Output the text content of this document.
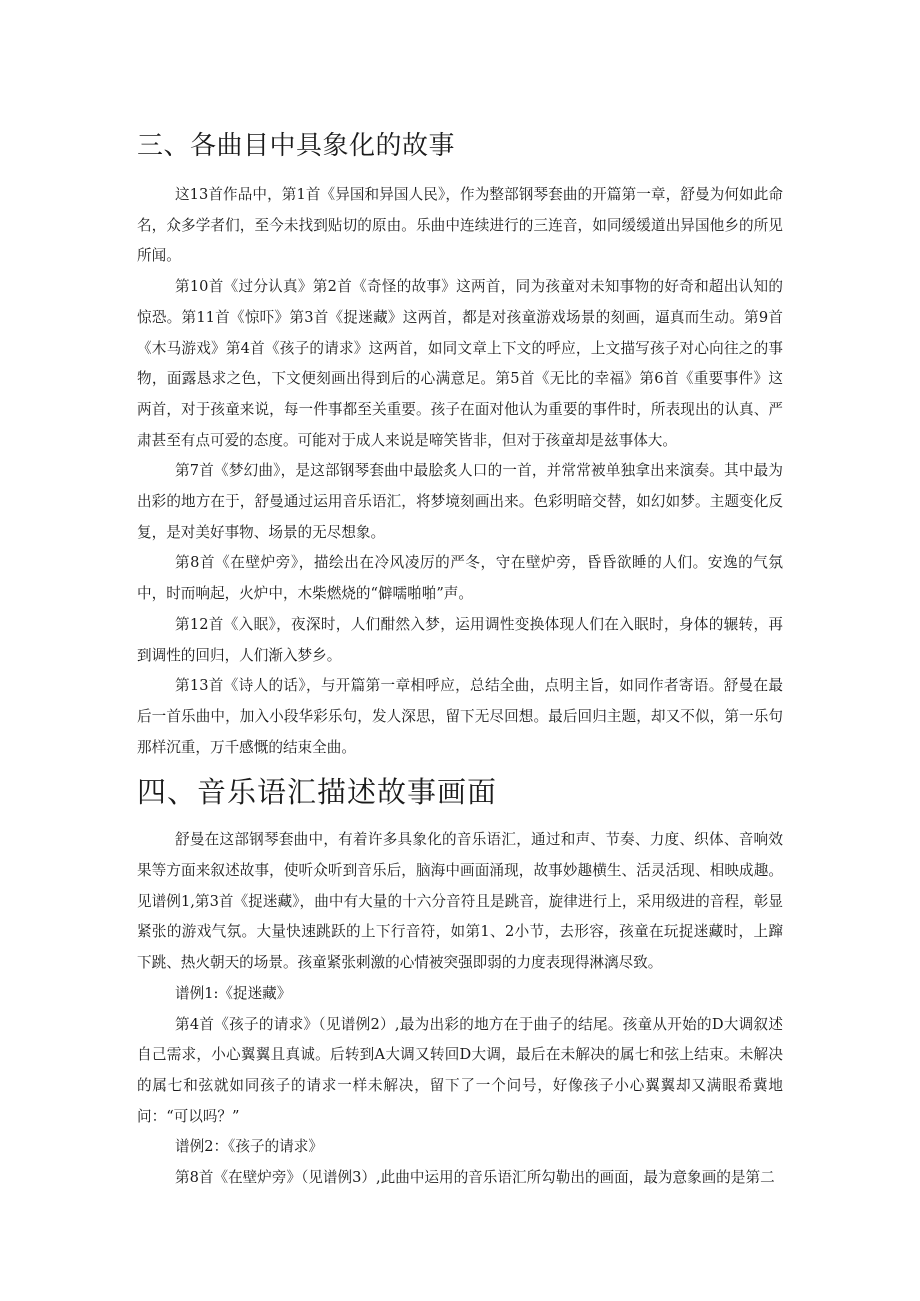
三、各曲目中具象化的故事

这13首作品中，第1首《异国和异国人民》，作为整部钢琴套曲的开篇第一章，舒曼为何如此命名，众多学者们，至今未找到贴切的原由。乐曲中连续进行的三连音，如同缓缓道出异国他乡的所见所闻。

第10首《过分认真》第2首《奇怪的故事》这两首，同为孩童对未知事物的好奇和超出认知的惊恐。第11首《惊吓》第3首《捉迷藏》这两首，都是对孩童游戏场景的刻画，逼真而生动。第9首《木马游戏》第4首《孩子的请求》这两首，如同文章上下文的呼应，上文描写孩子对心向往之的事物，面露恳求之色，下文便刻画出得到后的心满意足。第5首《无比的幸福》第6首《重要事件》这两首，对于孩童来说，每一件事都至关重要。孩子在面对他认为重要的事件时，所表现出的认真、严肃甚至有点可爱的态度。可能对于成人来说是啼笑皆非，但对于孩童却是兹事体大。

第7首《梦幻曲》，是这部钢琴套曲中最脍炙人口的一首，并常常被单独拿出来演奏。其中最为出彩的地方在于，舒曼通过运用音乐语汇，将梦境刻画出来。色彩明暗交替，如幻如梦。主题变化反复，是对美好事物、场景的无尽想象。

第8首《在壁炉旁》，描绘出在冷风凌厉的严冬，守在壁炉旁，昏昏欲睡的人们。安逸的气氛中，时而响起，火炉中，木柴燃烧的“僻嚅啪啪”声。

第12首《入眠》，夜深时，人们酣然入梦，运用调性变换体现人们在入眠时，身体的辗转，再到调性的回归，人们渐入梦乡。

第13首《诗人的话》，与开篇第一章相呼应，总结全曲，点明主旨，如同作者寄语。舒曼在最后一首乐曲中，加入小段华彩乐句，发人深思，留下无尽回想。最后回归主题，却又不似，第一乐句那样沉重，万千感慨的结束全曲。

四、音乐语汇描述故事画面

舒曼在这部钢琴套曲中，有着许多具象化的音乐语汇，通过和声、节奏、力度、织体、音响效果等方面来叙述故事，使听众听到音乐后，脑海中画面涌现，故事妙趣横生、活灵活现、相映成趣。见谱例1,第3首《捉迷藏》，曲中有大量的十六分音符且是跳音，旋律进行上，采用级进的音程，彰显紧张的游戏气氛。大量快速跳跃的上下行音符，如第1、2小节，去形容，孩童在玩捉迷藏时，上蹿下跳、热火朝天的场景。孩童紧张刺激的心情被突强即弱的力度表现得淋漓尽致。

谱例1:《捉迷藏》

第4首《孩子的请求》（见谱例2）,最为出彩的地方在于曲子的结尾。孩童从开始的D大调叙述自己需求，小心翼翼且真诚。后转到A大调又转回D大调，最后在未解决的属七和弦上结束。未解决的属七和弦就如同孩子的请求一样未解决，留下了一个问号，好像孩子小心翼翼却又满眼希冀地问：“可以吗？”

谱例2：《孩子的请求》

第8首《在壁炉旁》（见谱例3）,此曲中运用的音乐语汇所勾勒出的画面，最为意象画的是第二
